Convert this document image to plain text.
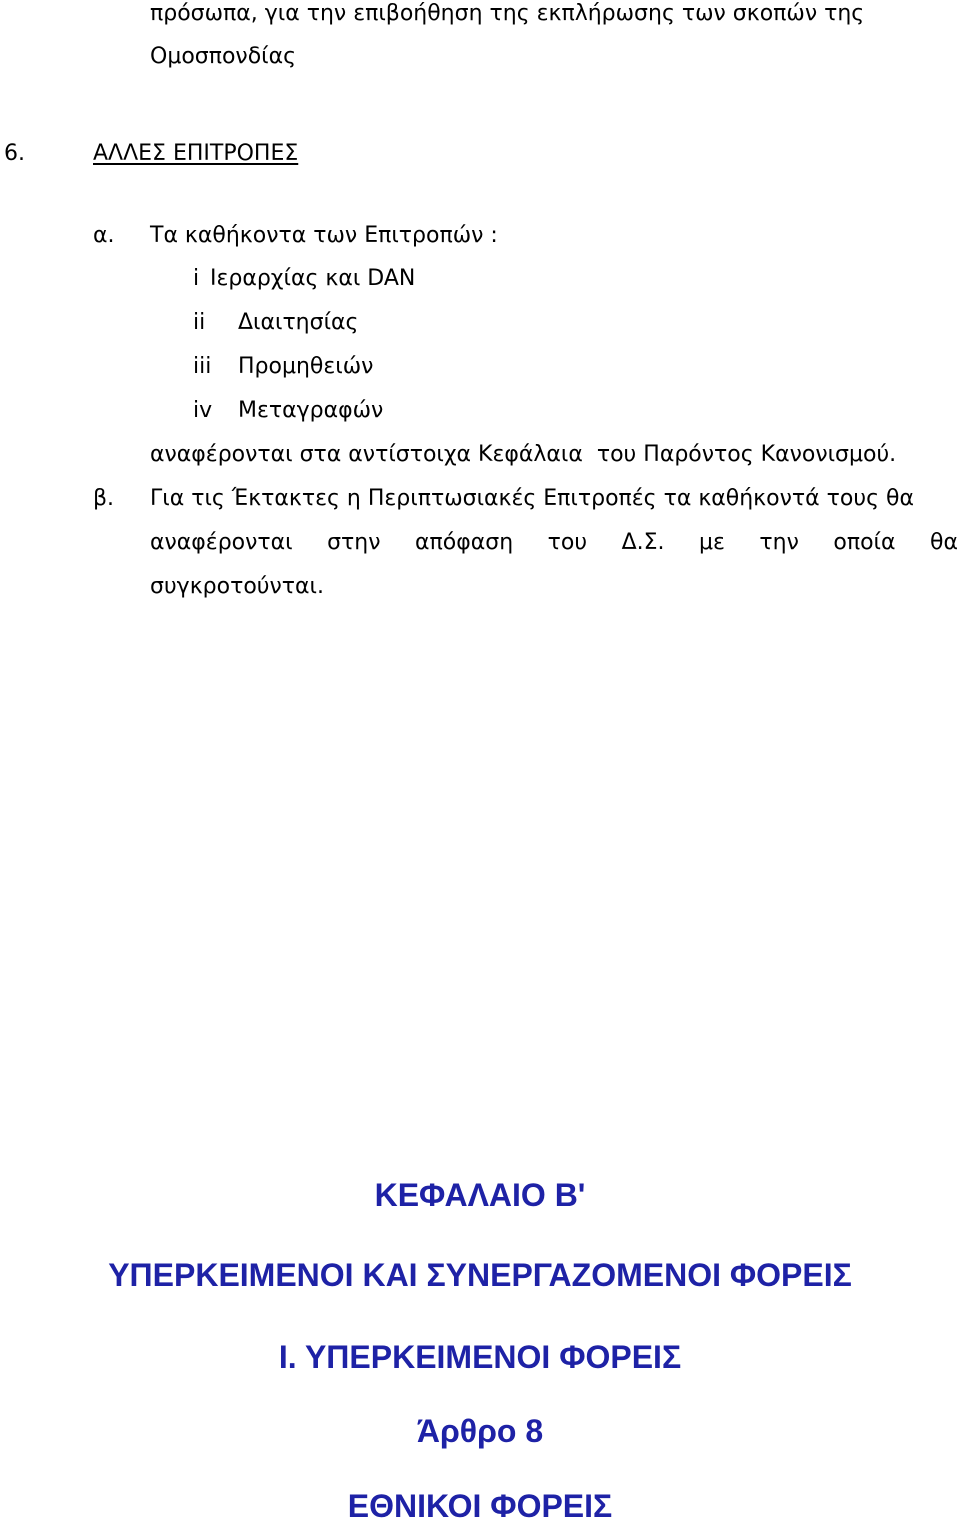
πρόσωπα, για την επιβοήθηση της εκπλήρωσης των σκοπών της
Ομοσπονδίας
6.	ΑΛΛΕΣ ΕΠΙΤΡΟΠΕΣ
α. Τα καθήκοντα των Επιτροπών :
i Ιεραρχίας και DAN
ii Διαιτησίας
iii Προμηθειών
iv Μεταγραφών
αναφέρονται στα αντίστοιχα Κεφάλαια  του Παρόντος Κανονισμού.
β. Για τις Έκτακτες η Περιπτωσιακές Επιτροπές τα καθήκοντά τους θα
αναφέρονται στην απόφαση του Δ.Σ. με την οποία θα
συγκροτούνται.
ΚΕΦΑΛΑΙΟ Β'
ΥΠΕΡΚΕΙΜΕΝΟΙ ΚΑΙ ΣΥΝΕΡΓΑΖΟΜΕΝΟΙ ΦΟΡΕΙΣ
Ι. ΥΠΕΡΚΕΙΜΕΝΟΙ ΦΟΡΕΙΣ
Άρθρο 8
ΕΘΝΙΚΟΙ ΦΟΡΕΙΣ
